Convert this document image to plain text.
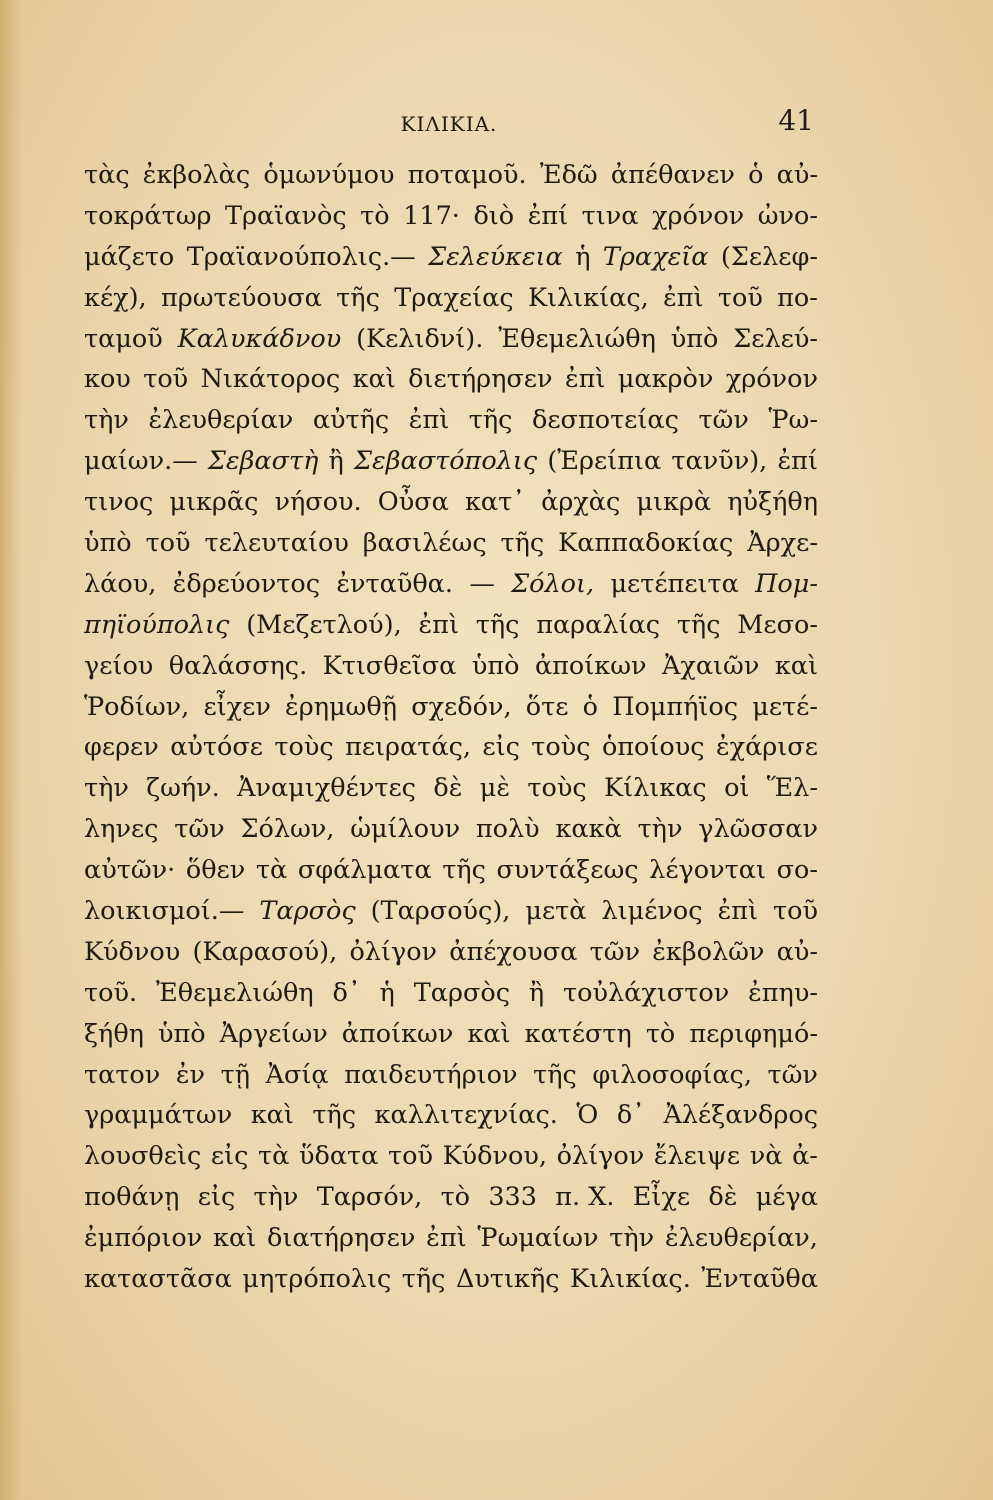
ΚΙΛΙΚΙΑ.	41
τὰς ἐκβολὰς ὁμωνύμου ποταμοῦ. Ἐδῶ ἀπέθανεν ὁ αὐ-
τοκράτωρ Τραϊανὸς τὸ 117· διὸ ἐπί τινα χρόνον ὠνο-
μάζετο Τραϊανούπολις.— Σελεύκεια ἡ Τραχεῖα (Σελεφ-
κέχ), πρωτεύουσα τῆς Τραχείας Κιλικίας, ἐπὶ τοῦ πο-
ταμοῦ Καλυκάδνου (Κελιδνί). Ἐθεμελιώθη ὑπὸ Σελεύ-
κου τοῦ Νικάτορος καὶ διετήρησεν ἐπὶ μακρὸν χρόνον
τὴν ἐλευθερίαν αὐτῆς ἐπὶ τῆς δεσποτείας τῶν Ῥω-
μαίων.— Σεβαστὴ ἢ Σεβαστόπολις (Ἐρείπια τανῦν), ἐπί
τινος μικρᾶς νήσου. Οὖσα κατ᾽ ἀρχὰς μικρὰ ηὐξήθη
ὑπὸ τοῦ τελευταίου βασιλέως τῆς Καππαδοκίας Ἀρχε-
λάου, ἐδρεύοντος ἐνταῦθα. — Σόλοι, μετέπειτα Πομ-
πηϊούπολις (Μεζετλού), ἐπὶ τῆς παραλίας τῆς Μεσο-
γείου θαλάσσης. Κτισθεῖσα ὑπὸ ἀποίκων Ἀχαιῶν καὶ
Ῥοδίων, εἶχεν ἐρημωθῇ σχεδόν, ὅτε ὁ Πομπήϊος μετέ-
φερεν αὐτόσε τοὺς πειρατάς, εἰς τοὺς ὁποίους ἐχάρισε
τὴν ζωήν. Ἀναμιχθέντες δὲ μὲ τοὺς Κίλικας οἱ Ἕλ-
ληνες τῶν Σόλων, ὡμίλουν πολὺ κακὰ τὴν γλῶσσαν
αὐτῶν· ὅθεν τὰ σφάλματα τῆς συντάξεως λέγονται σο-
λοικισμοί.— Ταρσὸς (Ταρσούς), μετὰ λιμένος ἐπὶ τοῦ
Κύδνου (Καρασού), ὀλίγον ἀπέχουσα τῶν ἐκβολῶν αὐ-
τοῦ. Ἐθεμελιώθη δ᾽ ἡ Ταρσὸς ἢ τοὐλάχιστον ἐπηυ-
ξήθη ὑπὸ Ἀργείων ἀποίκων καὶ κατέστη τὸ περιφημό-
τατον ἐν τῇ Ἀσίᾳ παιδευτήριον τῆς φιλοσοφίας, τῶν
γραμμάτων καὶ τῆς καλλιτεχνίας. Ὁ δ᾽ Ἀλέξανδρος
λουσθεὶς εἰς τὰ ὕδατα τοῦ Κύδνου, ὀλίγον ἔλειψε νὰ ἀ-
ποθάνῃ εἰς τὴν Ταρσόν, τὸ 333 π. Χ. Εἶχε δὲ μέγα
ἐμπόριον καὶ διατήρησεν ἐπὶ Ῥωμαίων τὴν ἐλευθερίαν,
καταστᾶσα μητρόπολις τῆς Δυτικῆς Κιλικίας. Ἐνταῦθα
